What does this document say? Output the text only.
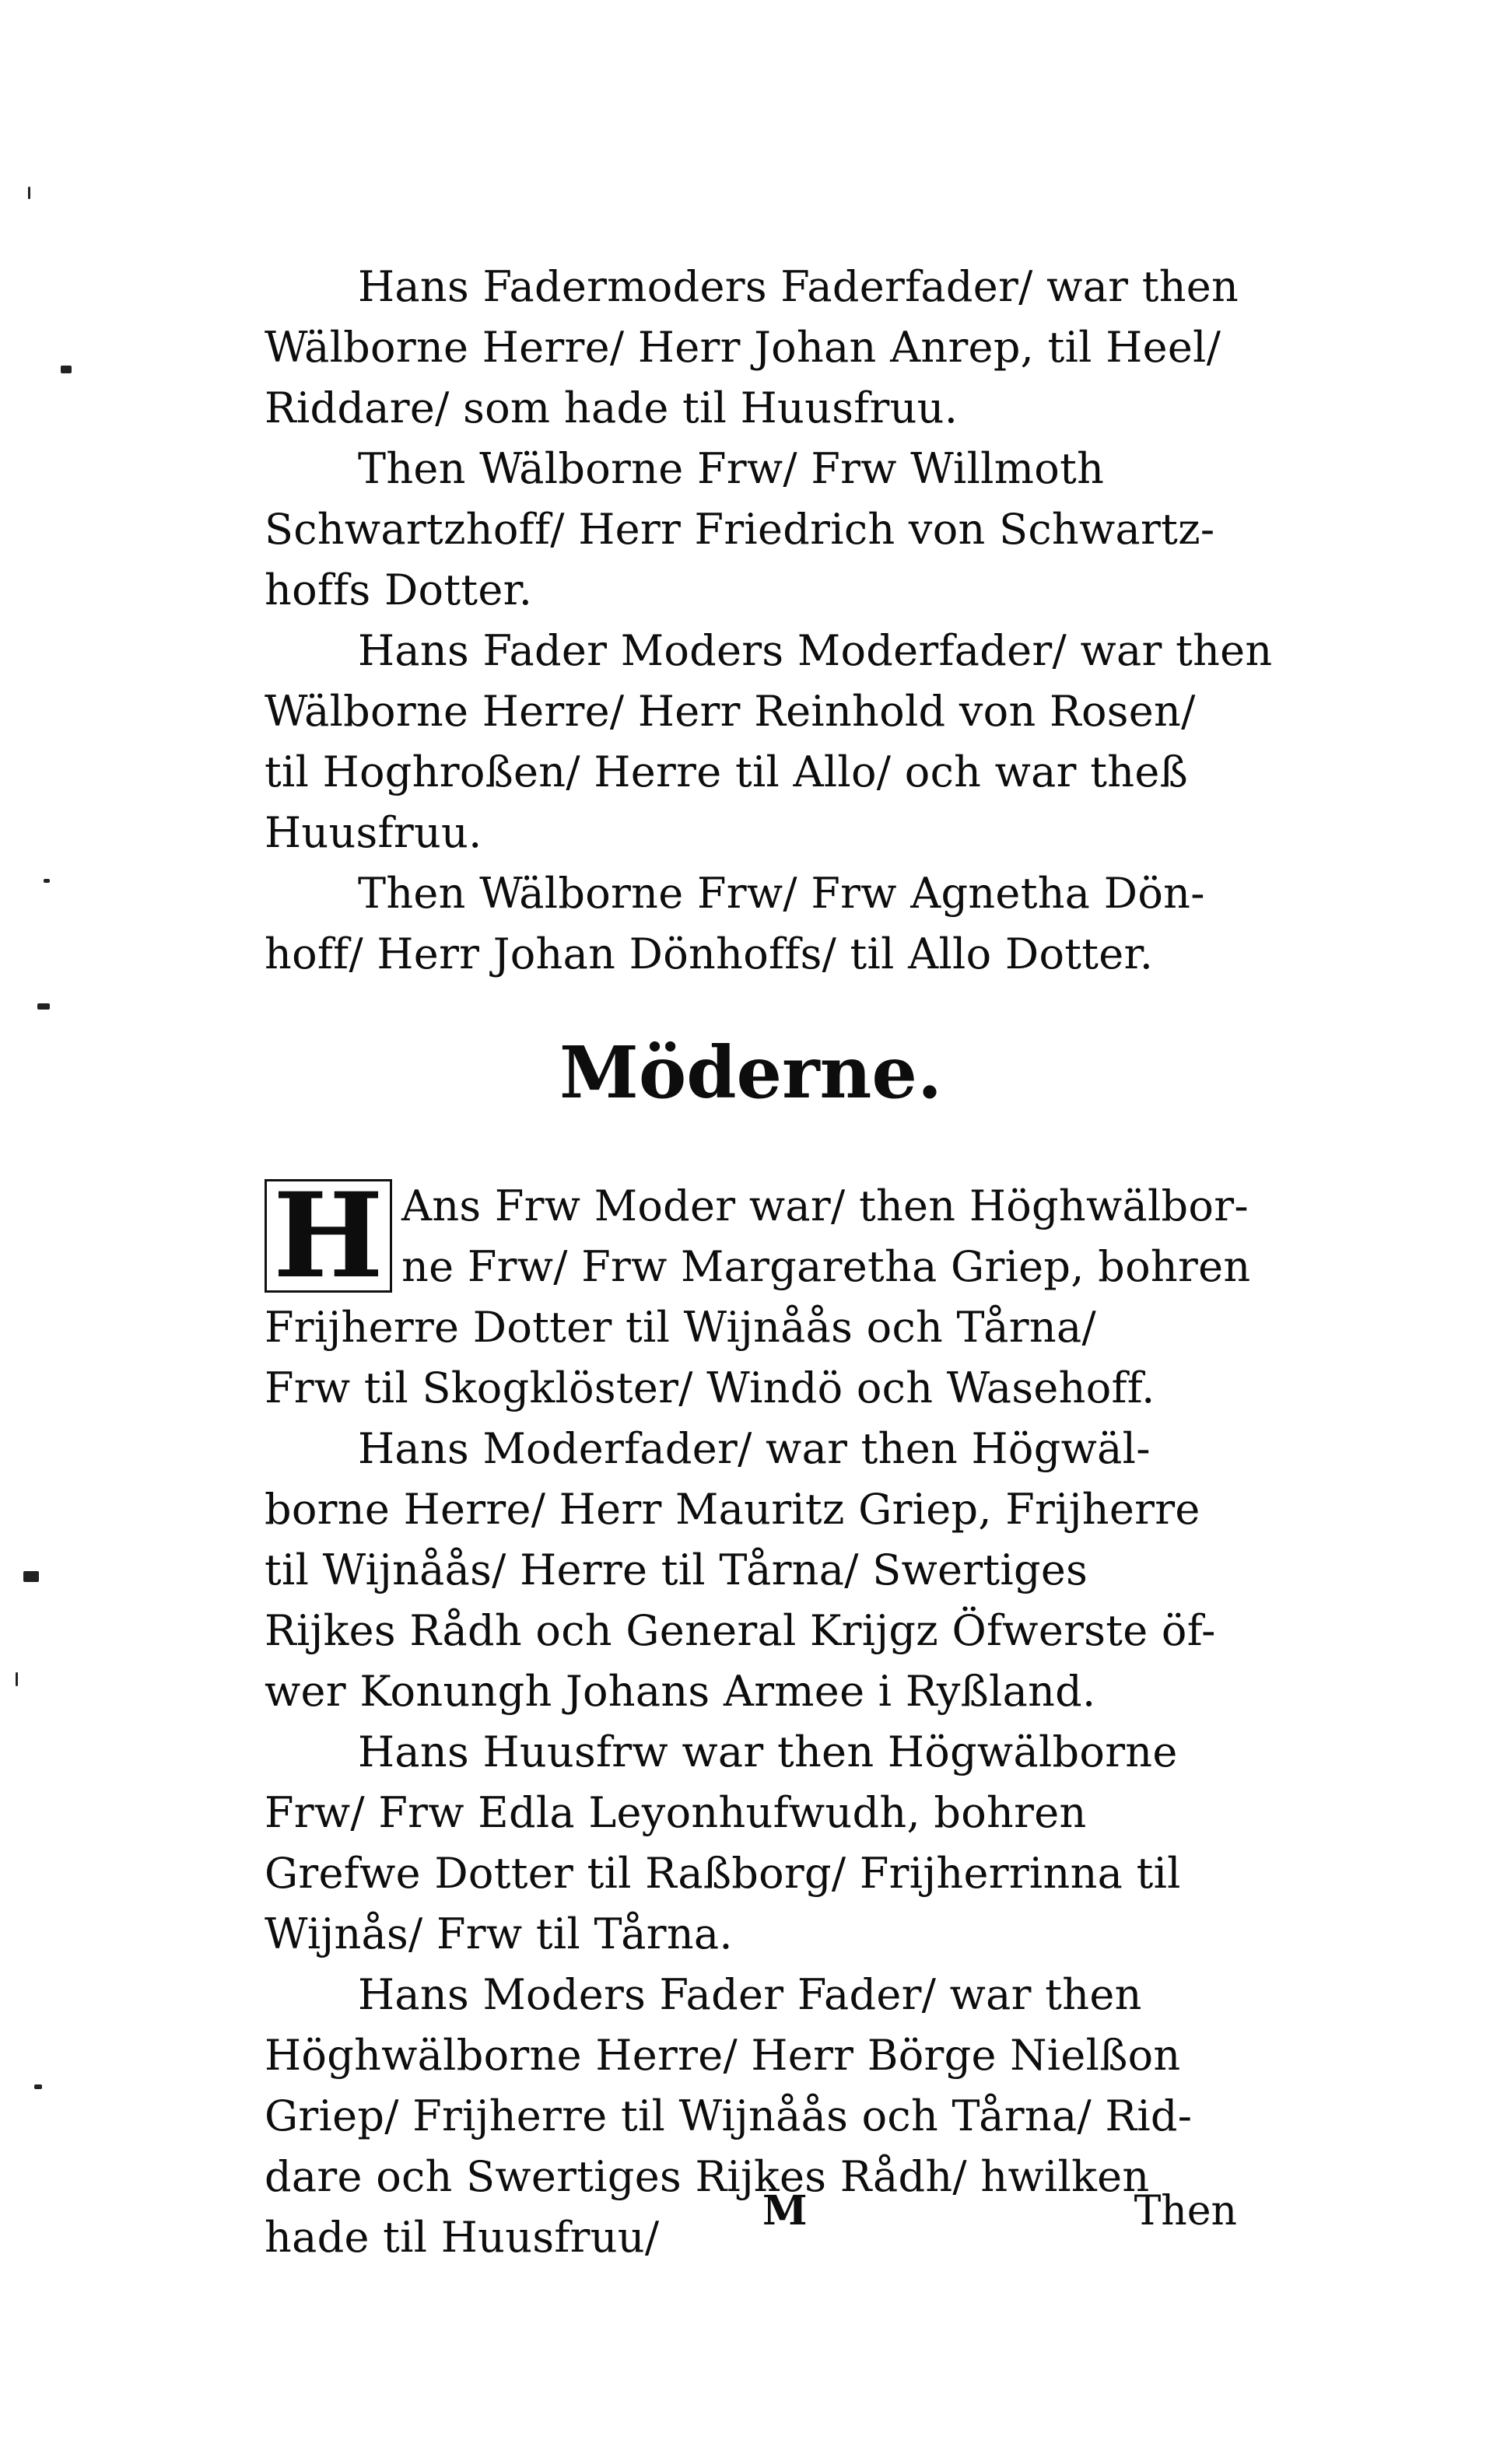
Hans Fadermoders Faderfader/ war then
Wälborne Herre/ Herr Johan Anrep, til Heel/
Riddare/ som hade til Huusfruu.

Then Wälborne Frw/ Frw Willmoth
Schwartzhoff/ Herr Friedrich von Schwartz-
hoffs Dotter.

Hans Fader Moders Moderfader/ war then
Wälborne Herre/ Herr Reinhold von Rosen/
til Hoghroßen/ Herre til Allo/ och war theß
Huusfruu.

Then Wälborne Frw/ Frw Agnetha Dön-
hoff/ Herr Johan Dönhoffs/ til Allo Dotter.

Möderne.

H Ans Frw Moder war/ then Höghwälbor-
ne Frw/ Frw Margaretha Griep, bohren
Frijherre Dotter til Wijnåås och Tårna/
Frw til Skogklöster/ Windö och Wasehoff.

Hans Moderfader/ war then Högwäl-
borne Herre/ Herr Mauritz Griep, Frijherre
til Wijnåås/ Herre til Tårna/ Swertiges
Rijkes Rådh och General Krijgz Öfwerste öf-
wer Konungh Johans Armee i Ryßland.

Hans Huusfrw war then Högwälborne
Frw/ Frw Edla Leyonhufwudh, bohren
Grefwe Dotter til Raßborg/ Frijherrinna til
Wijnås/ Frw til Tårna.

Hans Moders Fader Fader/ war then
Höghwälborne Herre/ Herr Börge Nielßon
Griep/ Frijherre til Wijnåås och Tårna/ Rid-
dare och Swertiges Rijkes Rådh/ hwilken
hade til Huusfruu/

M	Then
